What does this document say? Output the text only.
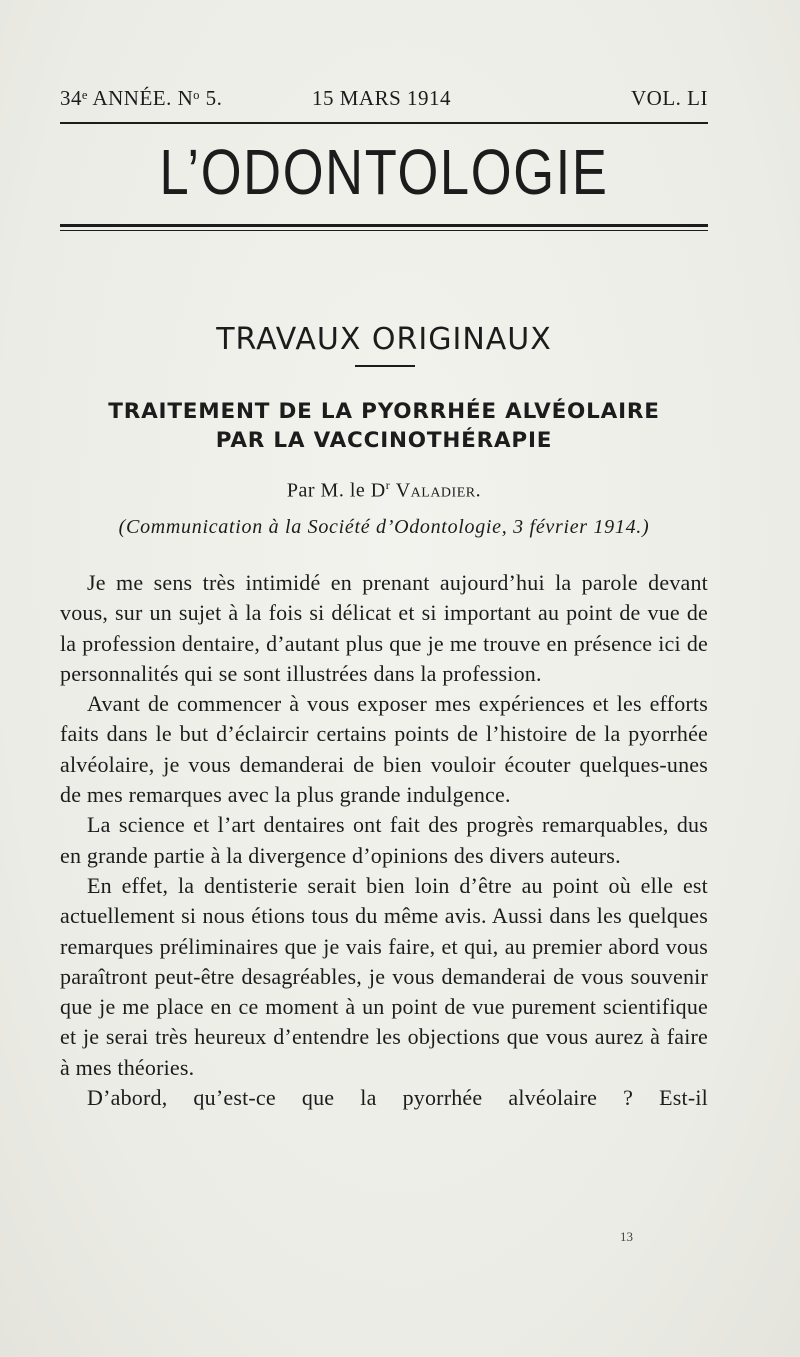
34ᵉ ANNÉE. Nᵒ 5.	15 MARS 1914	VOL. LI
L’ODONTOLOGIE
TRAVAUX ORIGINAUX
TRAITEMENT DE LA PYORRHÉE ALVÉOLAIRE
PAR LA VACCINOTHÉRAPIE
Par M. le $D^r$ Valadier.
(Communication à la Société d’Odontologie, 3 février 1914.)

Je me sens très intimidé en prenant aujourd’hui la parole devant vous, sur un sujet à la fois si délicat et si important au point de vue de la profession dentaire, d’autant plus que je me trouve en présence ici de personnalités qui se sont illustrées dans la profession.

Avant de commencer à vous exposer mes expériences et les efforts faits dans le but d’éclaircir certains points de l’histoire de la pyorrhée alvéolaire, je vous demanderai de bien vouloir écouter quelques-unes de mes remarques avec la plus grande indulgence.

La science et l’art dentaires ont fait des progrès remarquables, dus en grande partie à la divergence d’opinions des divers auteurs.

En effet, la dentisterie serait bien loin d’être au point où elle est actuellement si nous étions tous du même avis. Aussi dans les quelques remarques préliminaires que je vais faire, et qui, au premier abord vous paraîtront peut-être desagréables, je vous demanderai de vous souvenir que je me place en ce moment à un point de vue purement scientifique et je serai très heureux d’entendre les objections que vous aurez à faire à mes théories.

D’abord, qu’est-ce que la pyorrhée alvéolaire ? Est-il

13
